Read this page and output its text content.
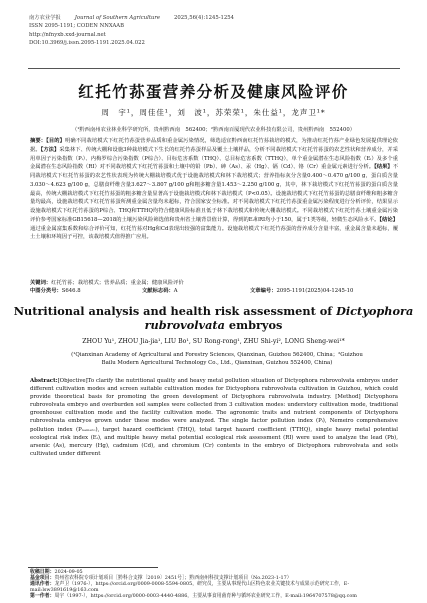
南方农业学报	Journal of Southern Agriculture	2025,56(4):1245-1254
ISSN 2095-1191; CODEN NNXAAB
http://nfnyxb.xxd-journal.net
DOI:10.3969/j.issn.2095-1191.2025.04.022
红托竹荪蛋营养分析及健康风险评价
周　宇¹，周佳佳¹，刘　波¹，苏荣荣¹，朱仕益¹，龙声卫¹*
（¹黔西南州农业林业科学研究所，贵州黔西南　562400；²黔西南百厦现代农业科技有限公司，贵州黔西南　552400）
摘要：【目的】明确不同栽培模式下红托竹荪蛋营养品质和重金属污染情况，筛选适宜黔西南红托竹荪栽培的模式，为推动红托竹荪产业绿色发展提供理论依据。【方法】采集林下、传统大棚和设施3种栽培模式下生长的红托竹荪蛋样品及覆土土壤样品，分析不同栽培模式下红托竹荪蛋的农艺性状和营养成分，并采用单因子污染指数（Pᵢ）、内梅罗综合污染指数（P综合）、目标危害系数（THQ）、总目标危害系数（TTHQ），单个重金属潜在生态风险指数（Eᵢ）及多个重金属潜在生态风险指数（RI）对不同栽培模式下红托竹荪蛋和土壤中的铅（Pb）、砷（As）、汞（Hg）、镉（Cd）、铬（Cr）重金属元素进行分析。【结果】不同栽培模式下红托竹荪蛋的农艺性状表现为传统大棚栽培模式优于设施栽培模式和林下栽培模式；营养指标灰分含量0.400～0.470 g/100 g，蛋白质含量3.030～4.623 g/100 g，总膳食纤维含量3.627～3.807 g/100 g和粗多糖含量1.453～2.250 g/100 g，其中，林下栽培模式下红托竹荪蛋的蛋白质含量最高，传统大棚栽培模式下红托竹荪蛋的粗多糖含量显著高于设施栽培模式和林下栽培模式（P<0.05）。设施栽培模式下红托竹荪蛋的总膳食纤维和粗多糖含量均最高，设施栽培模式下红托竹荪蛋所测重金属含量均未超标，符合国家安全标准。对不同栽培模式下红托竹荪蛋重金属污染程度进行分析评价，结果显示设施栽培模式下红托竹荪蛋的P综合、THQ和TTHQ均符合健康风险标准且低于林下栽培模式和传统大棚栽培模式。不同栽培模式下红托竹荪土壤重金属污染评价参考国家标准GB15618—2018的土壤污染风险筛选值和贵州省土壤背景值计算，得到的Eᵢ和RI均小于150，属于1类等级，轻微生态风险水平。【结论】通过重金属富集系数和综合评价可知，红托竹荪对Hg和Cd表现出较强的富集能力。设施栽培模式下红托竹荪蛋的营养成分含量丰富，重金属含量未超标，覆土土壤和环境因子可控，该栽培模式值得推广应用。
关键词：红托竹荪；栽培模式；营养品质；重金属；健康风险评价
中图分类号：S646.8	文献标志码：A	文章编号：2095-1191(2025)04-1245-10
Nutritional analysis and health risk assessment of Dictyophora
rubrovolvata embryos
ZHOU Yu¹, ZHOU Jia-jia¹, LIU Bo¹, SU Rong-rong¹, ZHU Shi-yi², LONG Sheng-wei¹*
(¹Qianxinan Academy of Agricultural and Forestry Sciences, Qianxinan, Guizhou 562400, China；²Guizhou
Bailu Modern Agricultural Technology Co., Ltd., Qianxinan, Guizhou 552400, China)
Abstract:[Objective]To clarify the nutritional quality and heavy metal pollution situation of Dictyophora rubrovolvata embryos under different cultivation modes and screen suitable cultivation modes for Dictyophora rubrovolvata cultivation in Guizhou, which could provide theoretical basis for promoting the green development of Dictyophora rubrovolvata industry. [Method] Dictyophora rubrovolvata embryo and overburden soil samples were collected from 3 cultivation modes: understory cultivation mode, traditional greenhouse cultivation mode and the facility cultivation mode. The agronomic traits and nutrient components of Dictyophora rubrovolvata embryos grown under these modes were analyzed. The single factor pollution index (Pᵢ), Nemeiro comprehensive pollution index (Pₙₑₘₑᵣₒ), target hazard coefficient (THQ), total target hazard coefficient (TTHQ), single heavy metal potential ecological risk index (Eᵢ), and multiple heavy metal potential ecological risk assessment (RI) were used to analyze the lead (Pb), arsenic (As), mercury (Hg), cadmium (Cd), and chromium (Cr) contents in the embryo of Dictyophora rubrovolvata and soils cultivated under different
收稿日期：2024-09-05
基金项目：贵州省农科院专项计划项目［黔科合支撑〔2019〕2451号］；黔西南州科技支撑计划项目（No.2023-1-17）
通讯作者：龙声卫（1976-），https://orcid.org/0009-0008-5594-0805，研究员，主要从事现代山区特色农业关键技术与成果示范研究工作，E-mail:lsw3891619@163.com
第一作者：周宇（1997-），https://orcid.org/0000-0003-4440-4886，主要从事食用菌育种与循环农业研究工作，E-mail:1964707578@qq.com
